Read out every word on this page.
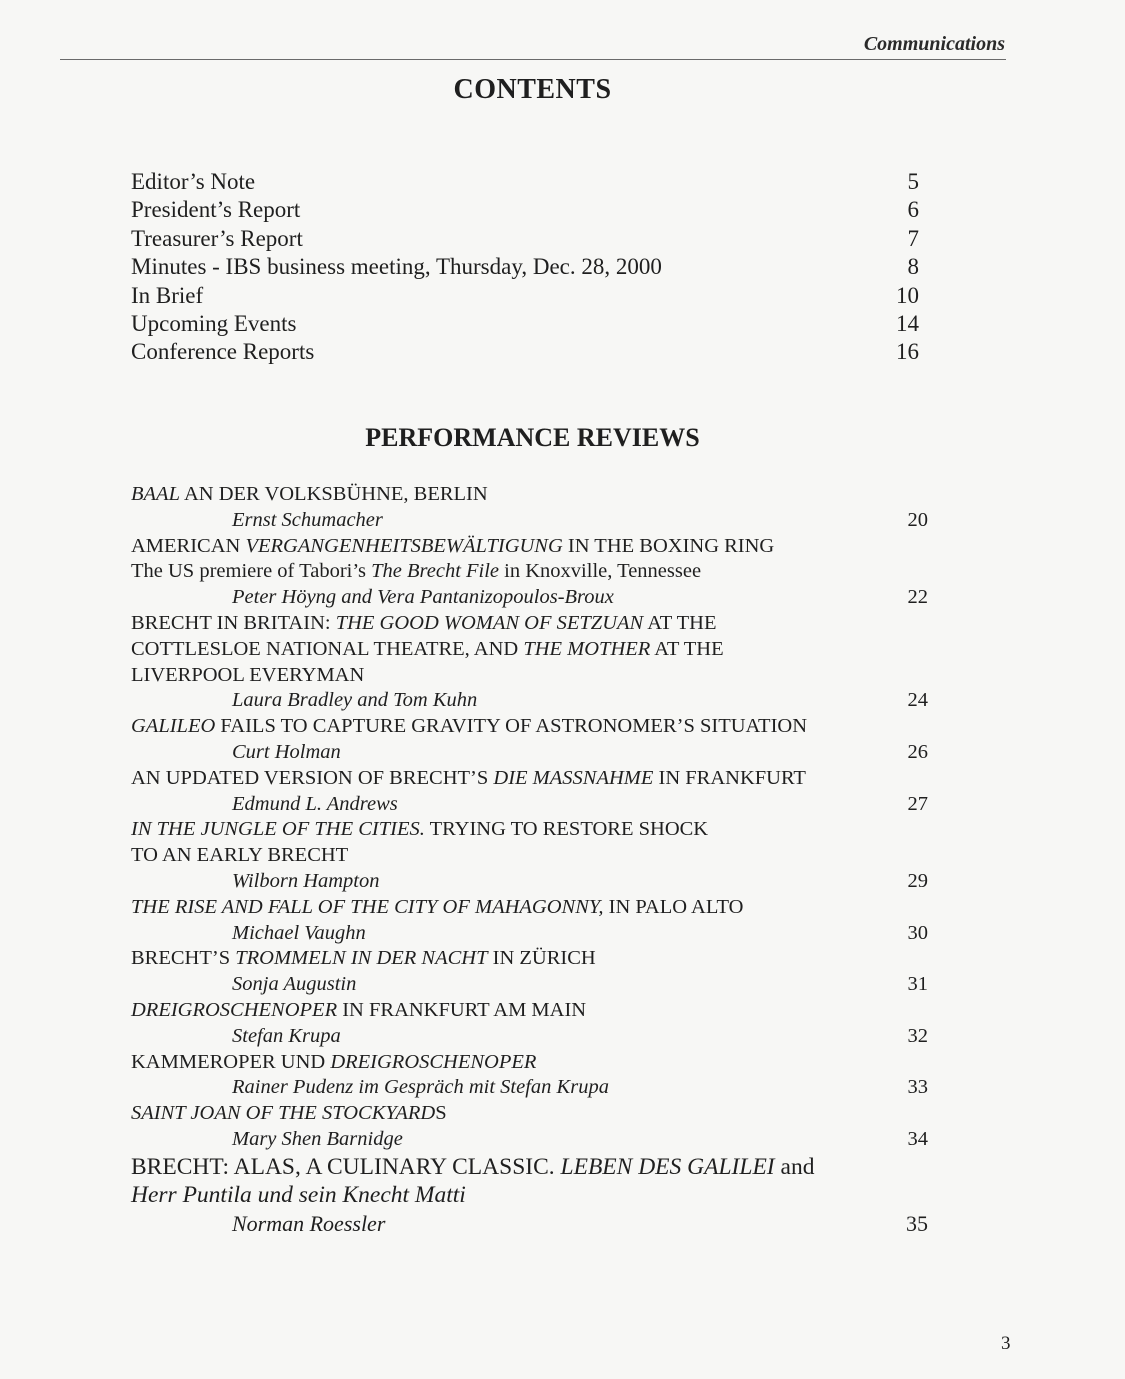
Communications
CONTENTS
Editor’s Note	5
President’s Report	6
Treasurer’s Report	7
Minutes - IBS business meeting, Thursday, Dec. 28, 2000	8
In Brief	10
Upcoming Events	14
Conference Reports	16
PERFORMANCE REVIEWS
BAAL AN DER VOLKSBÜHNE, BERLIN
Ernst Schumacher	20
AMERICAN VERGANGENHEITSBEWÄLTIGUNG IN THE BOXING RING
The US premiere of Tabori’s The Brecht File in Knoxville, Tennessee
Peter Höyng and Vera Pantanizopoulos-Broux	22
BRECHT IN BRITAIN: THE GOOD WOMAN OF SETZUAN AT THE
COTTLESLOE NATIONAL THEATRE, AND THE MOTHER AT THE
LIVERPOOL EVERYMAN
Laura Bradley and Tom Kuhn	24
GALILEO FAILS TO CAPTURE GRAVITY OF ASTRONOMER’S SITUATION
Curt Holman	26
AN UPDATED VERSION OF BRECHT’S DIE MASSNAHME IN FRANKFURT
Edmund L. Andrews	27
IN THE JUNGLE OF THE CITIES. TRYING TO RESTORE SHOCK
TO AN EARLY BRECHT
Wilborn Hampton	29
THE RISE AND FALL OF THE CITY OF MAHAGONNY, IN PALO ALTO
Michael Vaughn	30
BRECHT’S TROMMELN IN DER NACHT IN ZÜRICH
Sonja Augustin	31
DREIGROSCHENOPER IN FRANKFURT AM MAIN
Stefan Krupa	32
KAMMEROPER UND DREIGROSCHENOPER
Rainer Pudenz im Gespräch mit Stefan Krupa	33
SAINT JOAN OF THE STOCKYARDS
Mary Shen Barnidge	34
BRECHT: ALAS, A CULINARY CLASSIC. LEBEN DES GALILEI and
Herr Puntila und sein Knecht Matti
Norman Roessler	35
3
